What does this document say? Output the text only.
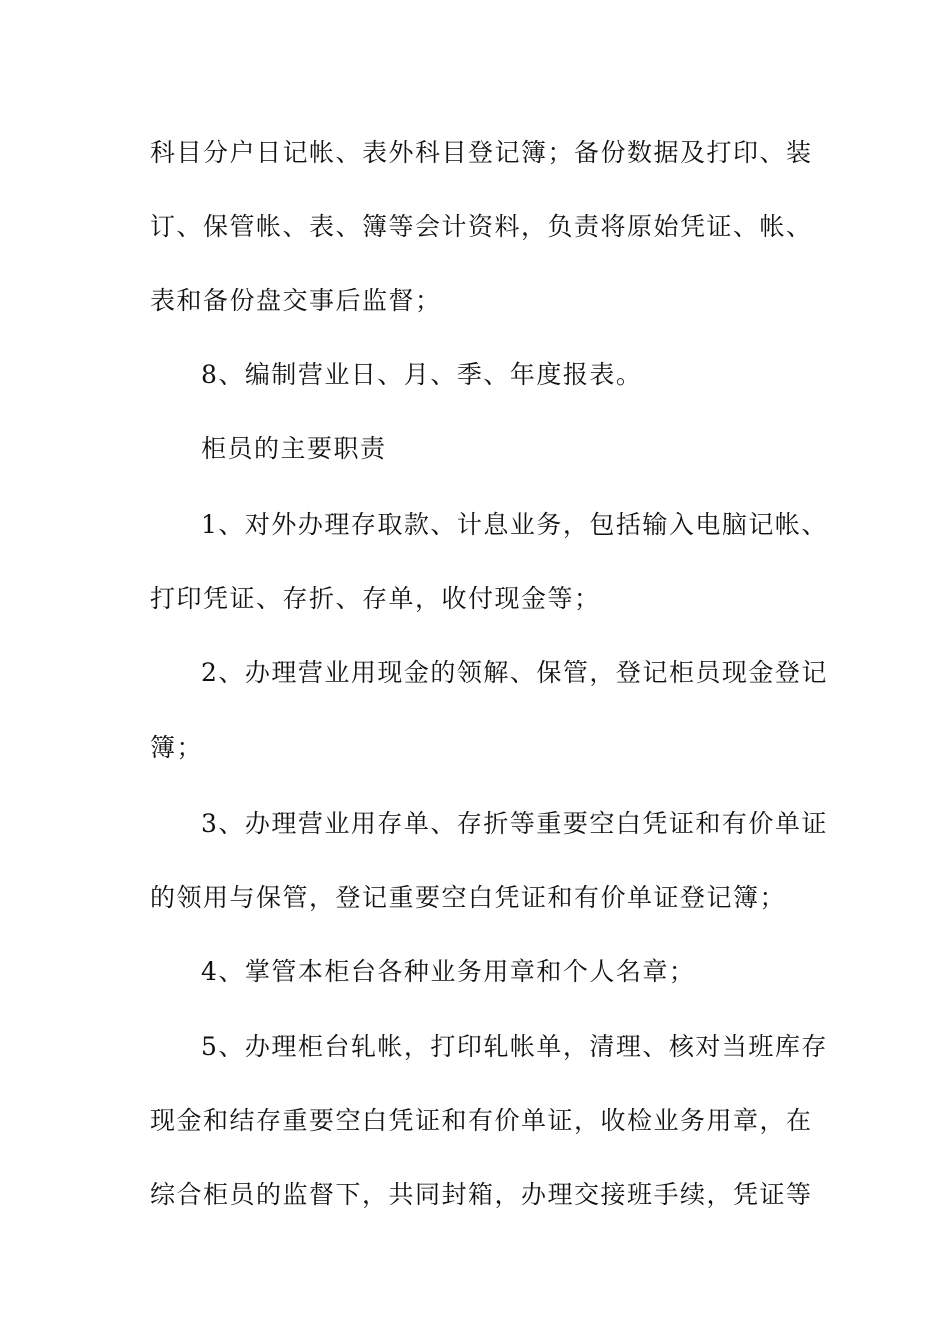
科目分户日记帐、表外科目登记簿；备份数据及打印、装
订、保管帐、表、簿等会计资料，负责将原始凭证、帐、
表和备份盘交事后监督；
8、编制营业日、月、季、年度报表。
柜员的主要职责
1、对外办理存取款、计息业务，包括输入电脑记帐、
打印凭证、存折、存单，收付现金等；
2、办理营业用现金的领解、保管，登记柜员现金登记
簿；
3、办理营业用存单、存折等重要空白凭证和有价单证
的领用与保管，登记重要空白凭证和有价单证登记簿；
4、掌管本柜台各种业务用章和个人名章；
5、办理柜台轧帐，打印轧帐单，清理、核对当班库存
现金和结存重要空白凭证和有价单证，收检业务用章，在
综合柜员的监督下，共同封箱，办理交接班手续，凭证等
